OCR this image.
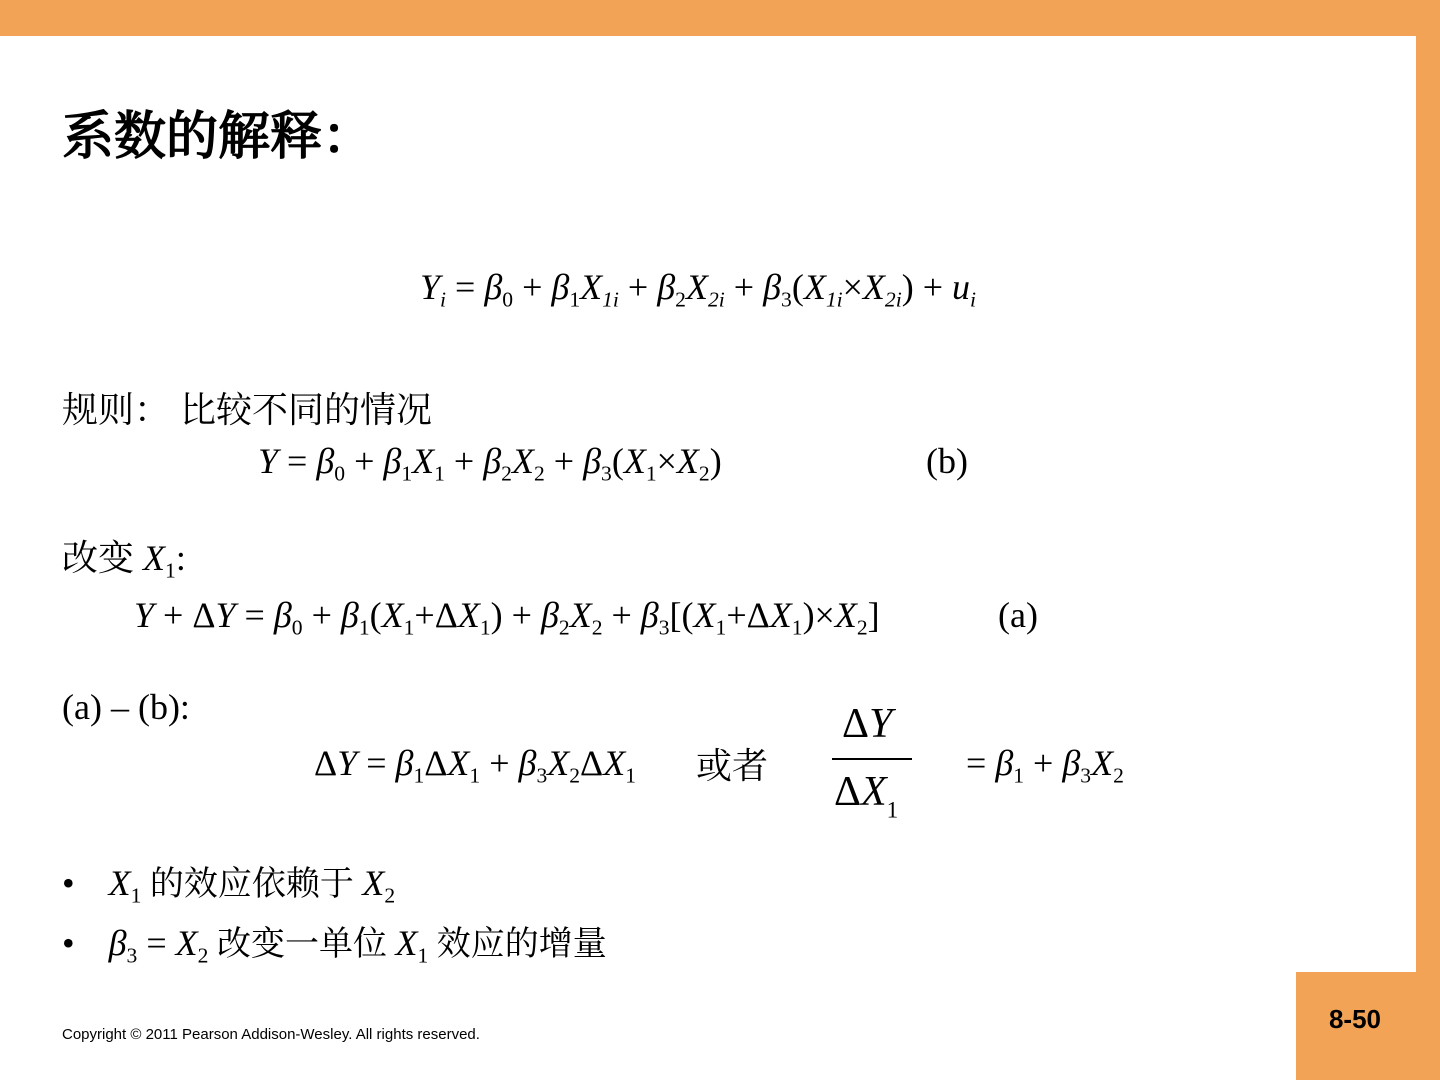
8-50
系数的解释：
$Y_i = \beta_0 + \beta_1X_{1i} + \beta_2X_{2i} + \beta_3(X_{1i}\times X_{2i}) + u_i$
规则： 比较不同的情况
$Y = \beta_0 + \beta_1X_1 + \beta_2X_2 + \beta_3(X_1\times X_2)$	(b)
改变 $X_1$:
$Y + \Delta Y = \beta_0 + \beta_1(X_1+\Delta X_1) + \beta_2X_2 + \beta_3[(X_1+\Delta X_1)\times X_2]$	(a)
(a) – (b):
$\Delta Y = \beta_1\Delta X_1 + \beta_3X_2\Delta X_1$ 或者
ΔY
$\Delta X_1$
= $\beta_1 + \beta_3X_2$
• $X_1$ 的效应依赖于 $X_2$
• $\beta_3 = X_2$ 改变一单位 $X_1$ 效应的增量
Copyright © 2011 Pearson Addison-Wesley. All rights reserved.
